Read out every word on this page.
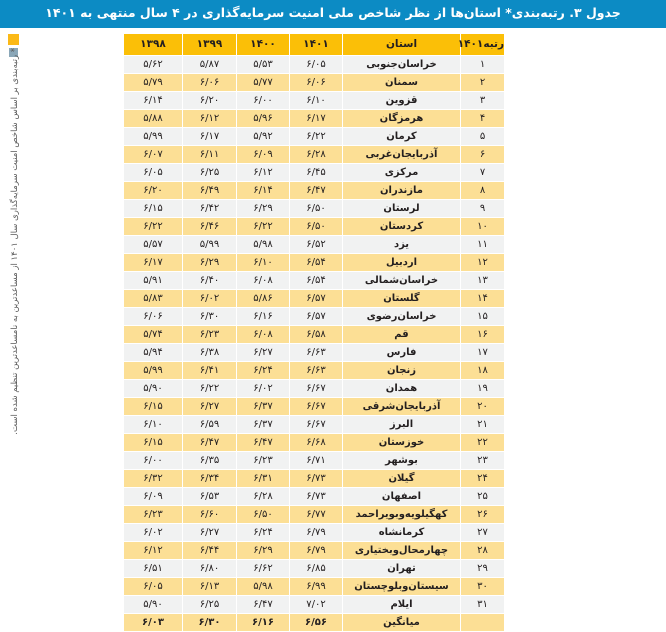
جدول ۳. رتبه‌بندی* استان‌ها از نظر شاخص ملی امنیت سرمایه‌گذاری در ۴ سال منتهی به ۱۴۰۱
* رتبه‌بندی بر اساس شاخص امنیت سرمایه‌گذاری سال ۱۴۰۱ از مساعدترین به نامساعدترین تنظیم شده است.
رتبه۱۴۰۱	استان	۱۴۰۱	۱۴۰۰	۱۳۹۹	۱۳۹۸
۱	خراسان‌جنوبی	۶/۰۵	۵/۵۳	۵/۸۷	۵/۶۲
۲	سمنان	۶/۰۶	۵/۷۷	۶/۰۶	۵/۷۹
۳	قزوین	۶/۱۰	۶/۰۰	۶/۲۰	۶/۱۴
۴	هرمزگان	۶/۱۷	۵/۹۶	۶/۱۲	۵/۸۸
۵	کرمان	۶/۲۲	۵/۹۲	۶/۱۷	۵/۹۹
۶	آذربایجان‌غربی	۶/۲۸	۶/۰۹	۶/۱۱	۶/۰۷
۷	مرکزی	۶/۴۵	۶/۱۲	۶/۲۵	۶/۰۵
۸	مازندران	۶/۴۷	۶/۱۴	۶/۴۹	۶/۲۰
۹	لرستان	۶/۵۰	۶/۲۹	۶/۴۲	۶/۱۵
۱۰	کردستان	۶/۵۰	۶/۲۲	۶/۴۶	۶/۲۲
۱۱	یزد	۶/۵۲	۵/۹۸	۵/۹۹	۵/۵۷
۱۲	اردبیل	۶/۵۴	۶/۱۰	۶/۲۹	۶/۱۷
۱۳	خراسان‌شمالی	۶/۵۴	۶/۰۸	۶/۴۰	۵/۹۱
۱۴	گلستان	۶/۵۷	۵/۸۶	۶/۰۲	۵/۸۳
۱۵	خراسان‌رضوی	۶/۵۷	۶/۱۶	۶/۳۰	۶/۰۶
۱۶	قم	۶/۵۸	۶/۰۸	۶/۲۳	۵/۷۴
۱۷	فارس	۶/۶۳	۶/۲۷	۶/۳۸	۵/۹۴
۱۸	زنجان	۶/۶۳	۶/۲۴	۶/۴۱	۵/۹۹
۱۹	همدان	۶/۶۷	۶/۰۲	۶/۲۲	۵/۹۰
۲۰	آذربایجان‌شرقی	۶/۶۷	۶/۳۷	۶/۲۷	۶/۱۵
۲۱	البرز	۶/۶۷	۶/۳۷	۶/۵۹	۶/۱۰
۲۲	خوزستان	۶/۶۸	۶/۴۷	۶/۴۷	۶/۱۵
۲۳	بوشهر	۶/۷۱	۶/۲۳	۶/۳۵	۶/۰۰
۲۴	گیلان	۶/۷۳	۶/۳۱	۶/۳۴	۶/۳۲
۲۵	اصفهان	۶/۷۳	۶/۲۸	۶/۵۳	۶/۰۹
۲۶	کهگیلویه‌وبویراحمد	۶/۷۷	۶/۵۰	۶/۶۰	۶/۲۳
۲۷	کرمانشاه	۶/۷۹	۶/۲۴	۶/۲۷	۶/۰۲
۲۸	چهارمحال‌وبختیاری	۶/۷۹	۶/۲۹	۶/۴۴	۶/۱۲
۲۹	تهران	۶/۸۵	۶/۶۲	۶/۸۰	۶/۵۱
۳۰	سیستان‌وبلوچستان	۶/۹۹	۵/۹۸	۶/۱۳	۶/۰۵
۳۱	ایلام	۷/۰۲	۶/۴۷	۶/۲۵	۵/۹۰
	میانگین	۶/۵۶	۶/۱۶	۶/۳۰	۶/۰۳
